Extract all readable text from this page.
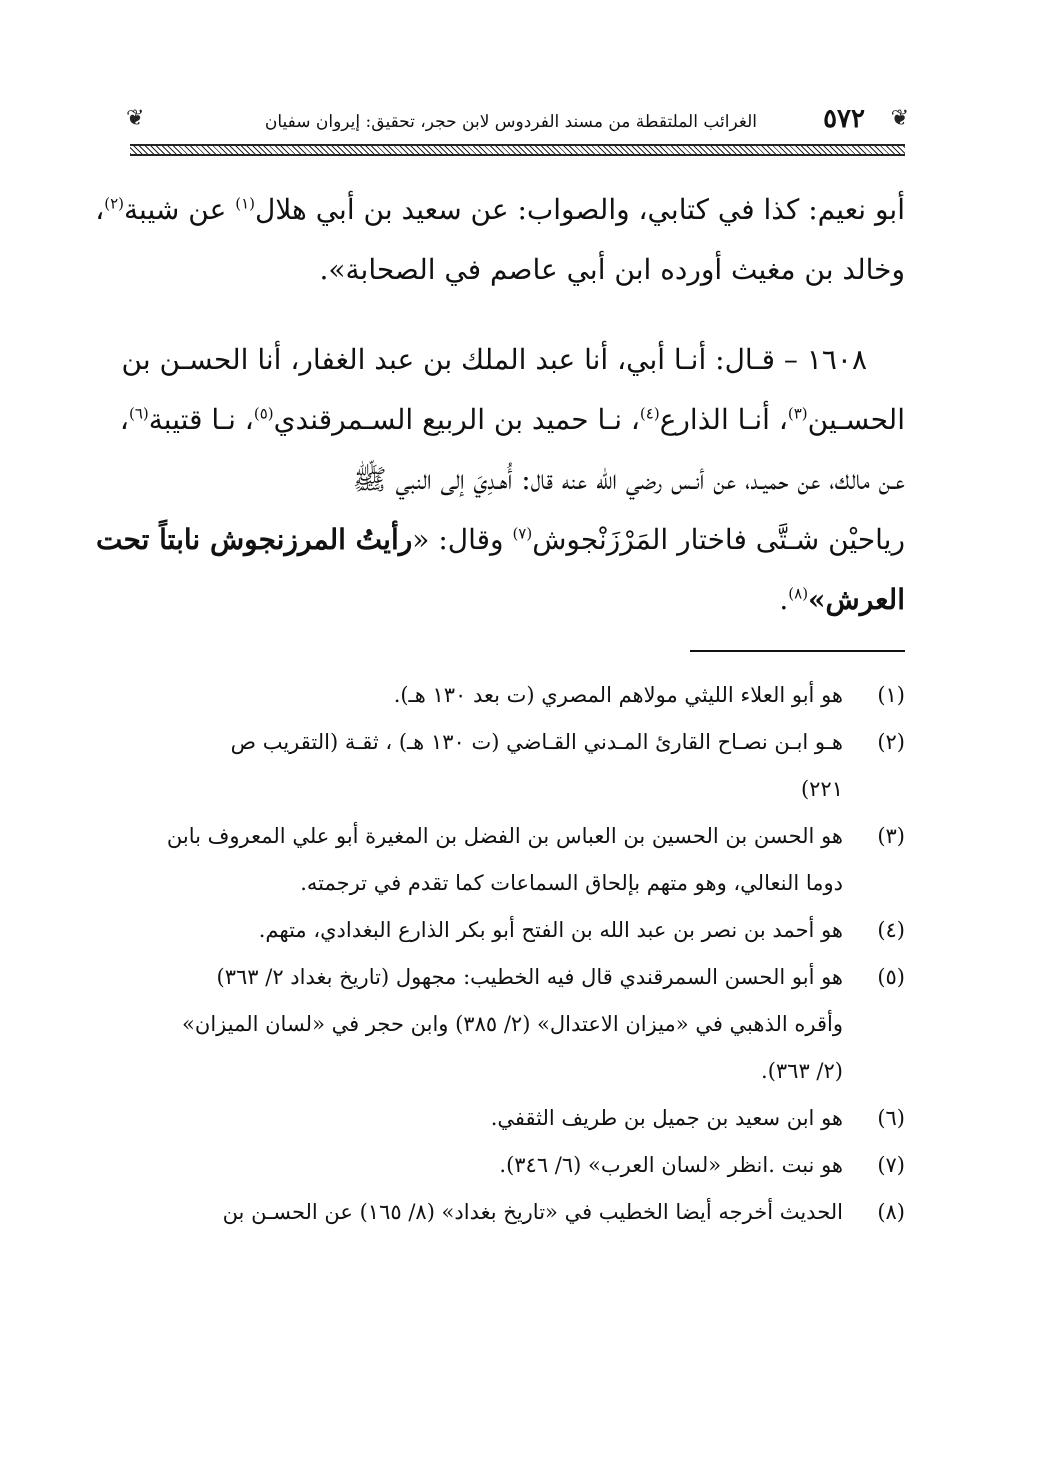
❦
٥٧٢
الغرائب الملتقطة من مسند الفردوس لابن حجر، تحقيق: إيروان سفيان
❦
أبو نعيم: كذا في كتابي، والصواب: عن سعيد بن أبي هلال$^{(١)}$ عن شيبة$^{(٢)}$،
وخالد بن مغيث أورده ابن أبي عاصم في الصحابة».
١٦٠٨ – قـال: أنـا أبي، أنا عبد الملك بن عبد الغفار، أنا الحسـن بن
الحسـين$^{(٣)}$، أنـا الذارع$^{(٤)}$، نـا حميد بن الربيع السـمرقندي$^{(٥)}$، نـا قتيبة$^{(٦)}$،
عـن مالك، عن حميـد، عن أنـس رضي الله عنه قال: أُهـدِيَ إلى النبي ﷺ
رياحيْن شـتَّى فاختار المَرْزَنْجوش$^{(٧)}$ وقال: «رأيتُ المرزنجوش نابتاً تحت
العرش»$^{(٨)}$.
(١)
هو أبو العلاء الليثي مولاهم المصري (ت بعد ١٣٠ هـ).
(٢)
هـو ابـن نصـاح القارئ المـدني القـاضي (ت ١٣٠ هـ) ، ثقـة (التقريب ص
٢٢١)
(٣)
هو الحسن بن الحسين بن العباس بن الفضل بن المغيرة أبو علي المعروف بابن
دوما النعالي، وهو متهم بإلحاق السماعات كما تقدم في ترجمته.
(٤)
هو أحمد بن نصر بن عبد الله بن الفتح أبو بكر الذارع البغدادي، متهم.
(٥)
هو أبو الحسن السمرقندي قال فيه الخطيب: مجهول (تاريخ بغداد ٢/ ٣٦٣)
وأقره الذهبي في «ميزان الاعتدال» (٢/ ٣٨٥) وابن حجر في «لسان الميزان»
(٢/ ٣٦٣).
(٦)
هو ابن سعيد بن جميل بن طريف الثقفي.
(٧)
هو نبت .انظر «لسان العرب» (٦/ ٣٤٦).
(٨)
الحديث أخرجه أيضا الخطيب في «تاريخ بغداد» (٨/ ١٦٥) عن الحسـن بن
